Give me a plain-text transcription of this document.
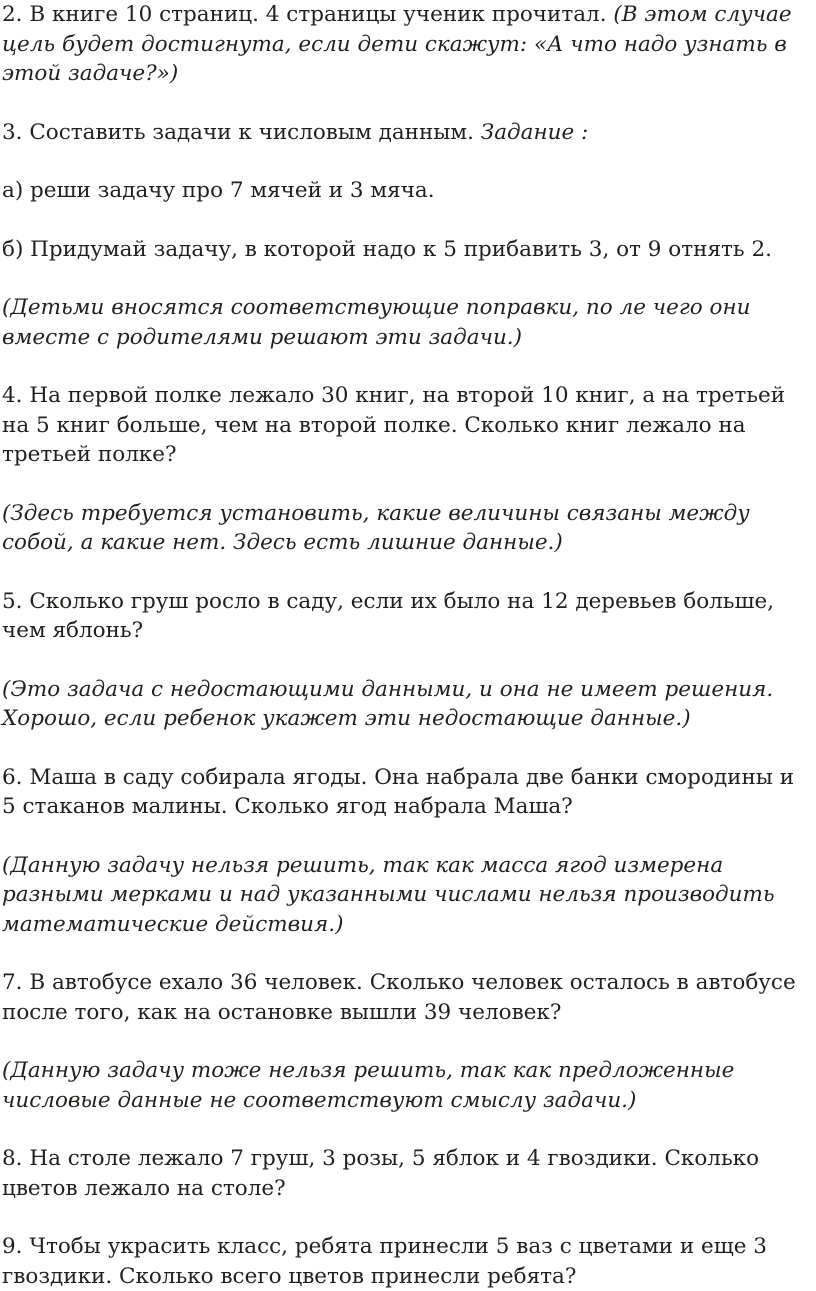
2. В книге 10 страниц. 4 страницы ученик прочитал. (В этом случае цель будет достигнута, если дети скажут: «А что надо узнать в этой задаче?»)

3. Составить задачи к числовым данным. Задание :

а) реши задачу про 7 мячей и 3 мяча.

б) Придумай задачу, в которой надо к 5 прибавить 3, от 9 отнять 2.

(Детьми вносятся соответствующие поправки, по ле чего они вместе с родителями решают эти задачи.)

4. На первой полке лежало 30 книг, на второй 10 книг, а на третьей на 5 книг больше, чем на второй полке. Сколько книг лежало на третьей полке?

(Здесь требуется установить, какие величины связаны между собой, а какие нет. Здесь есть лишние данные.)

5. Сколько груш росло в саду, если их было на 12 деревьев больше, чем яблонь?

(Это задача с недостающими данными, и она не имеет решения. Хорошо, если ребенок укажет эти недостающие данные.)

6. Маша в саду собирала ягоды. Она набрала две банки смородины и 5 стаканов малины. Сколько ягод набрала Маша?

(Данную задачу нельзя решить, так как масса ягод измерена разными мерками и над указанными числами нельзя производить математические действия.)

7. В автобусе ехало 36 человек. Сколько человек осталось в автобусе после того, как на остановке вышли 39 человек?

(Данную задачу тоже нельзя решить, так как предложенные числовые данные не соответствуют смыслу задачи.)

8. На столе лежало 7 груш, 3 розы, 5 яблок и 4 гвоздики. Сколько цветов лежало на столе?

9. Чтобы украсить класс, ребята принесли 5 ваз с цветами и еще 3 гвоздики. Сколько всего цветов принесли ребята?
